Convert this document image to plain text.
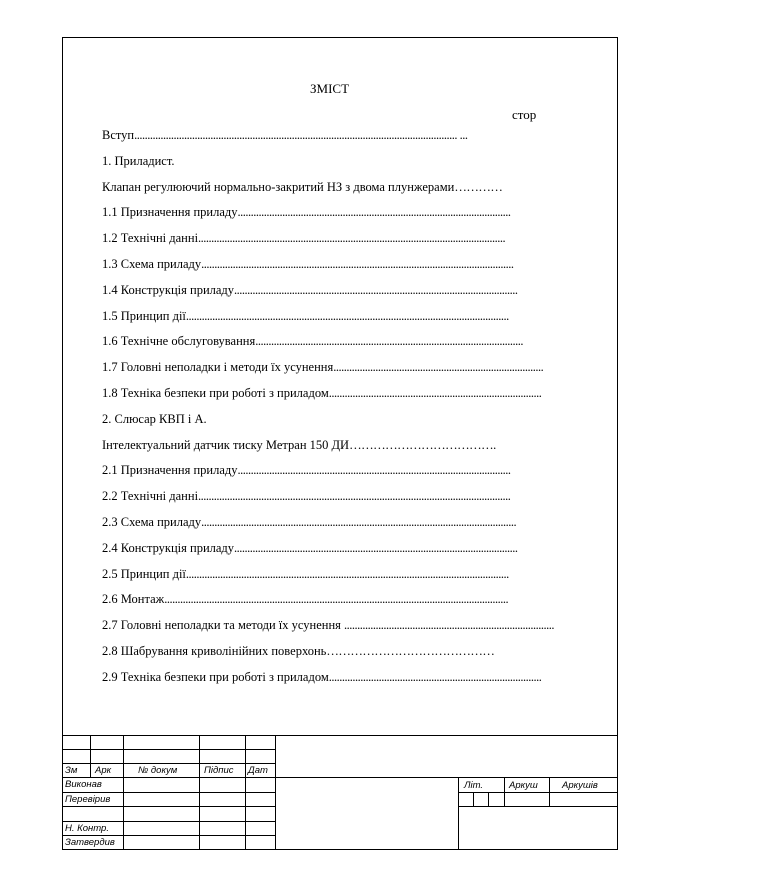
ЗМІСТ
стор
Вступ........................................................................................................................... ...
1. Приладист.
Клапан регулюючий нормально-закритий НЗ з двома плунжерами…………
1.1 Призначення приладу........................................................................................................
1.2 Технічні данні.....................................................................................................................
1.3 Схема приладу.......................................................................................................................
1.4 Конструкція приладу............................................................................................................
1.5 Принцип дії...........................................................................................................................
1.6 Технічне обслуговування......................................................................................................
1.7 Головні неполадки і методи їх усунення................................................................................
1.8 Техніка безпеки при роботі з приладом.................................................................................
2. Слюсар КВП і А.
Інтелектуальний датчик тиску Метран 150 ДИ……………………………….
2.1 Призначення приладу........................................................................................................
2.2 Технічні данні.......................................................................................................................
2.3 Схема приладу........................................................................................................................
2.4 Конструкція приладу............................................................................................................
2.5 Принцип дії...........................................................................................................................
2.6 Монтаж...................................................................................................................................
2.7 Головні неполадки та методи їх усунення ................................................................................
2.8 Шабрування криволінійних поверхонь……………………………………
2.9 Техніка безпеки при роботі з приладом.................................................................................
Зм Арк	№ докум	Підпис Дат
Виконав
Перевірив
Н. Контр.
Затвердив
Літ.	Аркуш	Аркушів
